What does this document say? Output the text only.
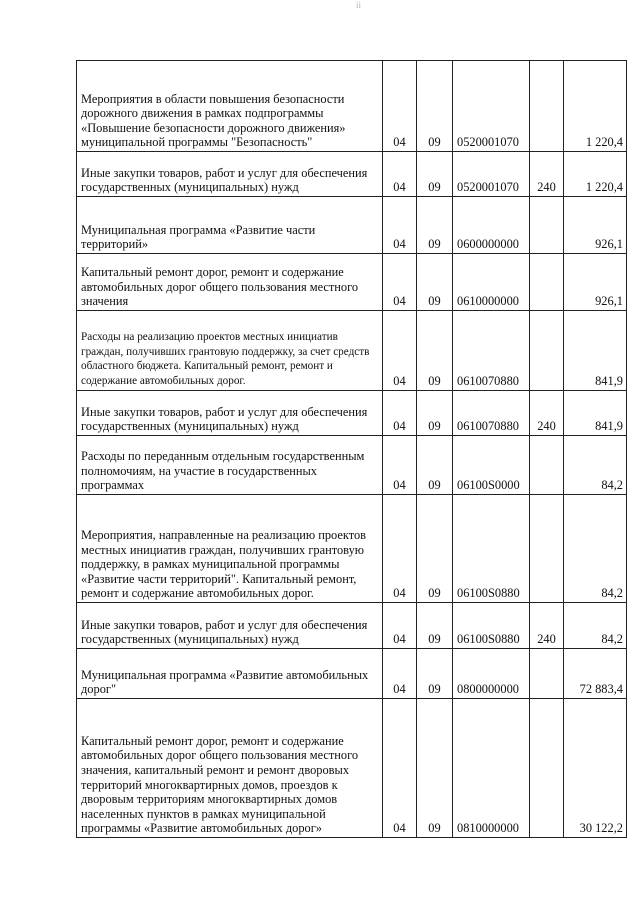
ii
Мероприятия в области повышения безопасности дорожного движения в рамках подпрограммы «Повышение безопасности дорожного движения» муниципальной программы "Безопасность"	04	09	0520001070		1 220,4
Иные закупки товаров, работ и услуг для обеспечения государственных (муниципальных) нужд	04	09	0520001070	240	1 220,4
Муниципальная программа «Развитие части территорий»	04	09	0600000000		926,1
Капитальный ремонт дорог, ремонт и содержание автомобильных дорог общего пользования местного значения	04	09	0610000000		926,1
Расходы на реализацию проектов местных инициатив граждан, получивших грантовую поддержку, за счет средств областного бюджета. Капитальный ремонт, ремонт и содержание автомобильных дорог.	04	09	0610070880		841,9
Иные закупки товаров, работ и услуг для обеспечения государственных (муниципальных) нужд	04	09	0610070880	240	841,9
Расходы по переданным отдельным государственным полномочиям, на участие в государственных программах	04	09	06100S0000		84,2
Мероприятия, направленные на реализацию проектов местных инициатив граждан, получивших грантовую поддержку, в рамках муниципальной программы «Развитие части территорий". Капитальный ремонт, ремонт и содержание автомобильных дорог.	04	09	06100S0880		84,2
Иные закупки товаров, работ и услуг для обеспечения государственных (муниципальных) нужд	04	09	06100S0880	240	84,2
Муниципальная программа «Развитие автомобильных дорог"	04	09	0800000000		72 883,4
Капитальный ремонт дорог, ремонт и содержание автомобильных дорог общего пользования местного значения, капитальный ремонт и ремонт дворовых территорий многоквартирных домов, проездов к дворовым территориям многоквартирных домов населенных пунктов в рамках муниципальной программы «Развитие автомобильных дорог»	04	09	0810000000		30 122,2
